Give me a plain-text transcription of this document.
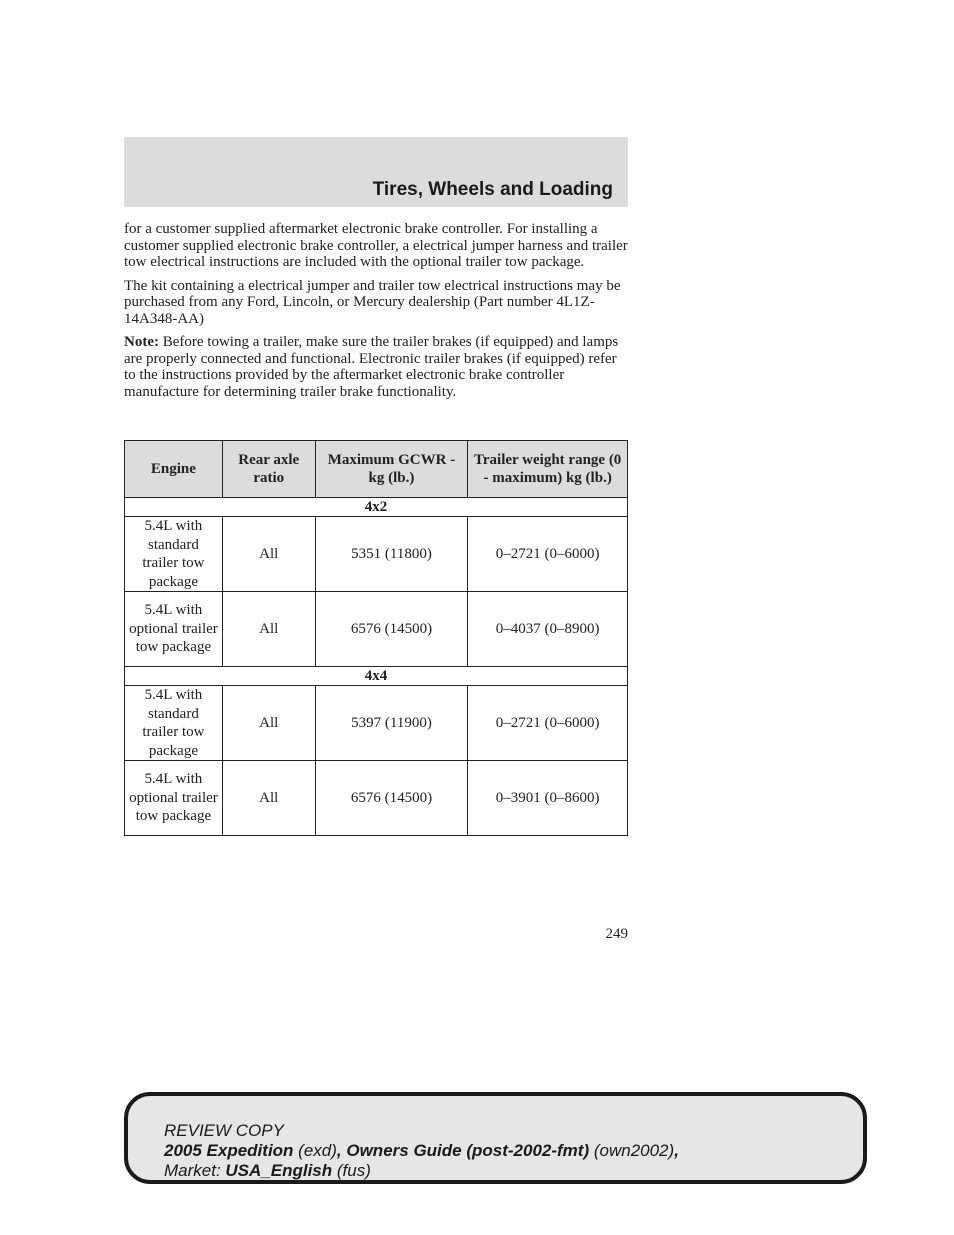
Tires, Wheels and Loading

for a customer supplied aftermarket electronic brake controller. For installing a customer supplied electronic brake controller, a electrical jumper harness and trailer tow electrical instructions are included with the optional trailer tow package.

The kit containing a electrical jumper and trailer tow electrical instructions may be purchased from any Ford, Lincoln, or Mercury dealership (Part number 4L1Z-14A348-AA)

Note: Before towing a trailer, make sure the trailer brakes (if equipped) and lamps are properly connected and functional. Electronic trailer brakes (if equipped) refer to the instructions provided by the aftermarket electronic brake controller manufacture for determining trailer brake functionality.

Engine	Rear axle ratio	Maximum GCWR - kg (lb.)	Trailer weight range (0 - maximum) kg (lb.)
4x2			
5.4L with standard trailer tow package	All	5351 (11800)	0–2721 (0–6000)
5.4L with optional trailer tow package	All	6576 (14500)	0–4037 (0–8900)
4x4			
5.4L with standard trailer tow package	All	5397 (11900)	0–2721 (0–6000)
5.4L with optional trailer tow package	All	6576 (14500)	0–3901 (0–8600)
249
REVIEW COPY
2005 Expedition (exd), Owners Guide (post-2002-fmt) (own2002),
Market: USA_English (fus)
